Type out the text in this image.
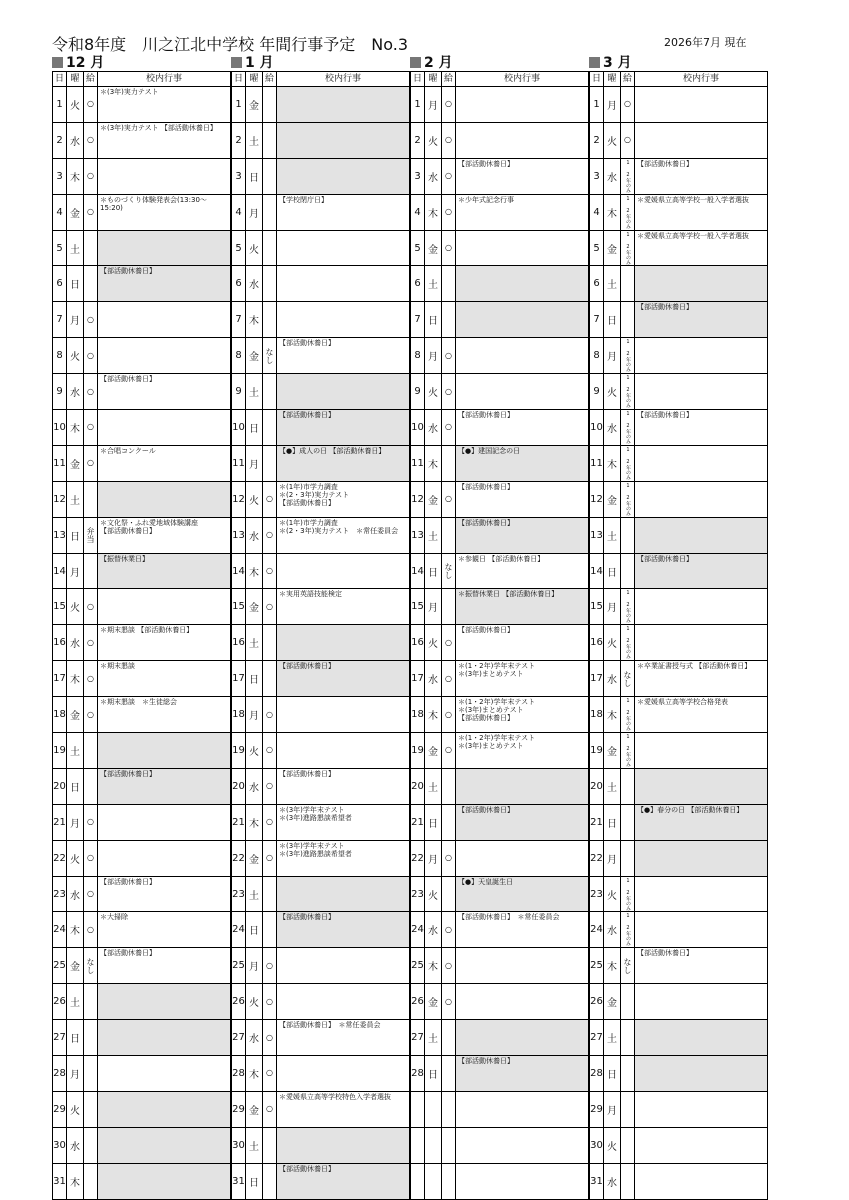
令和8年度　川之江北中学校 年間行事予定　No.3	2026年7月 現在
12 月
日	曜	給	校内行事
1	火	○	＊(3年)実力テスト

2	水	○	＊(3年)実力テスト 【部活動休養日】

3	木	○	
4	金	○	＊ものづくり体験発表会(13:30～15:20)

5	土		
6	日		【部活動休養日】

7	月	○	
8	火	○	
9	水	○	【部活動休養日】

10	木	○	
11	金	○	＊合唱コンクール

12	土		
13	日	弁当	＊文化祭・ふれ愛地域体験講座
【部活動休養日】

14	月		【振替休業日】

15	火	○	
16	水	○	＊期末懇談 【部活動休養日】

17	木	○	＊期末懇談

18	金	○	＊期末懇談　＊生徒総会

19	土		
20	日		【部活動休養日】

21	月	○	
22	火	○	
23	水	○	【部活動休養日】

24	木	○	＊大掃除

25	金	なし	【部活動休養日】

26	土		
27	日		
28	月		
29	火		
30	水		
31	木		
1 月
日	曜	給	校内行事
1	金		
2	土		
3	日		
4	月		【学校閉庁日】

5	火		
6	水		
7	木		
8	金	なし	【部活動休養日】

9	土		
10	日		【部活動休養日】

11	月		【●】成人の日 【部活動休養日】

12	火	○	＊(1年)市学力調査
＊(2・3年)実力テスト
【部活動休養日】

13	水	○	＊(1年)市学力調査
＊(2・3年)実力テスト　＊常任委員会

14	木	○	
15	金	○	＊実用英語技能検定

16	土		
17	日		【部活動休養日】

18	月	○	
19	火	○	
20	水	○	【部活動休養日】

21	木	○	＊(3年)学年末テスト
＊(3年)進路懇談希望者

22	金	○	＊(3年)学年末テスト
＊(3年)進路懇談希望者

23	土		
24	日		【部活動休養日】

25	月	○	
26	火	○	
27	水	○	【部活動休養日】　＊常任委員会

28	木	○	
29	金	○	＊愛媛県立高等学校特色入学者選抜

30	土		
31	日		【部活動休養日】
2 月
日	曜	給	校内行事
1	月	○	
2	火	○	
3	水	○	【部活動休養日】

4	木	○	＊少年式記念行事

5	金	○	
6	土		
7	日		
8	月	○	
9	火	○	
10	水	○	【部活動休養日】

11	木		【●】建国記念の日

12	金	○	【部活動休養日】

13	土		【部活動休養日】

14	日	なし	＊参観日 【部活動休養日】

15	月		＊振替休業日 【部活動休養日】

16	火	○	【部活動休養日】

17	水	○	＊(1・2年)学年末テスト
＊(3年)まとめテスト

18	木	○	＊(1・2年)学年末テスト
＊(3年)まとめテスト
【部活動休養日】

19	金	○	＊(1・2年)学年末テスト
＊(3年)まとめテスト

20	土		
21	日		【部活動休養日】

22	月	○	
23	火		【●】天皇誕生日

24	水	○	【部活動休養日】　＊常任委員会

25	木	○	
26	金	○	
27	土		
28	日		【部活動休養日】

3 月
日	曜	給	校内行事
1	月	○	
2	火	○	
3	水	1 2年のみ	【部活動休養日】

4	木	1 2年のみ	＊愛媛県立高等学校一般入学者選抜

5	金	1 2年のみ	＊愛媛県立高等学校一般入学者選抜

6	土		
7	日		【部活動休養日】

8	月	1 2年のみ	
9	火	1 2年のみ	
10	水	1 2年のみ	【部活動休養日】

11	木	1 2年のみ	
12	金	1 2年のみ	
13	土		
14	日		【部活動休養日】

15	月	1 2年のみ	
16	火	1 2年のみ	
17	水	なし	＊卒業証書授与式 【部活動休養日】

18	木	1 2年のみ	＊愛媛県立高等学校合格発表

19	金	1 2年のみ	
20	土		
21	日		【●】春分の日 【部活動休養日】

22	月		
23	火	1 2年のみ	
24	水	1 2年のみ	
25	木	なし	【部活動休養日】

26	金		
27	土		
28	日		
29	月		
30	火		
31	水		
